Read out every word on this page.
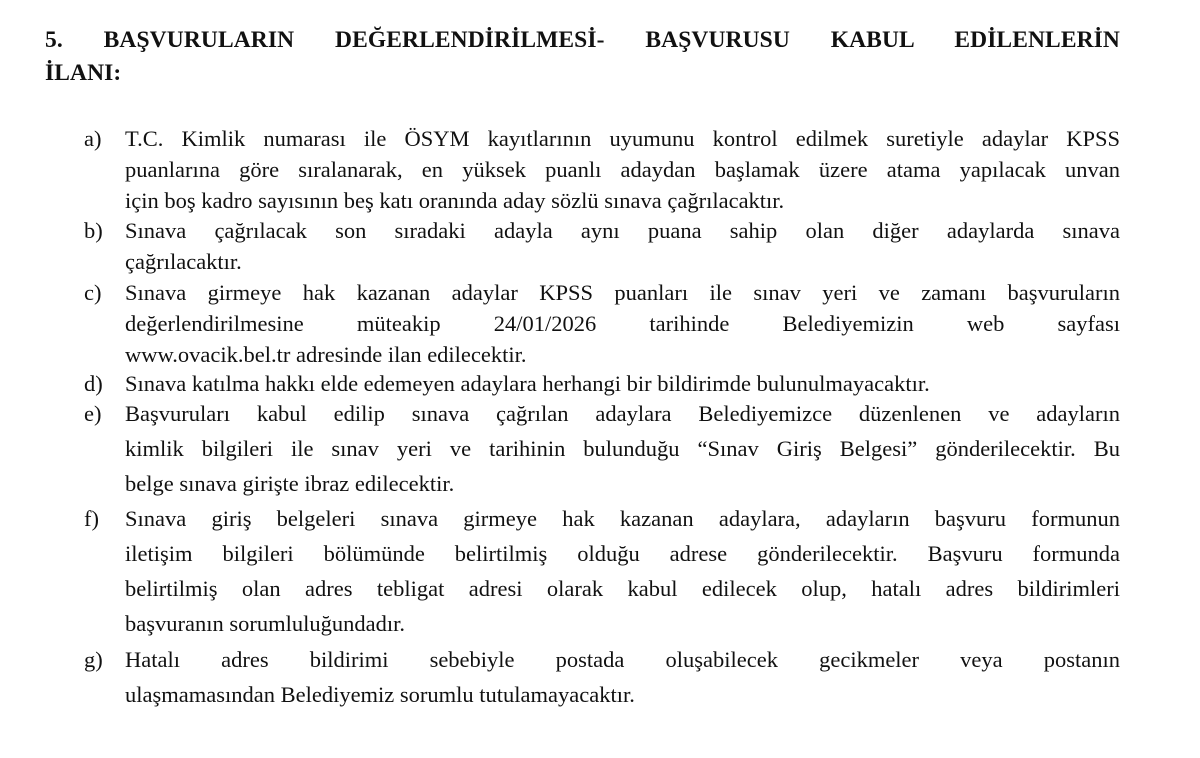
5. BAŞVURULARIN DEĞERLENDİRİLMESİ- BAŞVURUSU KABUL EDİLENLERİN
İLANI:
a) T.C. Kimlik numarası ile ÖSYM kayıtlarının uyumunu kontrol edilmek suretiyle adaylar KPSS
puanlarına göre sıralanarak, en yüksek puanlı adaydan başlamak üzere atama yapılacak unvan
için boş kadro sayısının beş katı oranında aday sözlü sınava çağrılacaktır.
b) Sınava çağrılacak son sıradaki adayla aynı puana sahip olan diğer adaylarda sınava
çağrılacaktır.
c) Sınava girmeye hak kazanan adaylar KPSS puanları ile sınav yeri ve zamanı başvuruların
değerlendirilmesine müteakip 24/01/2026 tarihinde Belediyemizin web sayfası
www.ovacik.bel.tr adresinde ilan edilecektir.
d) Sınava katılma hakkı elde edemeyen adaylara herhangi bir bildirimde bulunulmayacaktır.
e) Başvuruları kabul edilip sınava çağrılan adaylara Belediyemizce düzenlenen ve adayların
kimlik bilgileri ile sınav yeri ve tarihinin bulunduğu “Sınav Giriş Belgesi” gönderilecektir. Bu
belge sınava girişte ibraz edilecektir.
f) Sınava giriş belgeleri sınava girmeye hak kazanan adaylara, adayların başvuru formunun
iletişim bilgileri bölümünde belirtilmiş olduğu adrese gönderilecektir. Başvuru formunda
belirtilmiş olan adres tebligat adresi olarak kabul edilecek olup, hatalı adres bildirimleri
başvuranın sorumluluğundadır.
g) Hatalı adres bildirimi sebebiyle postada oluşabilecek gecikmeler veya postanın
ulaşmamasından Belediyemiz sorumlu tutulamayacaktır.
